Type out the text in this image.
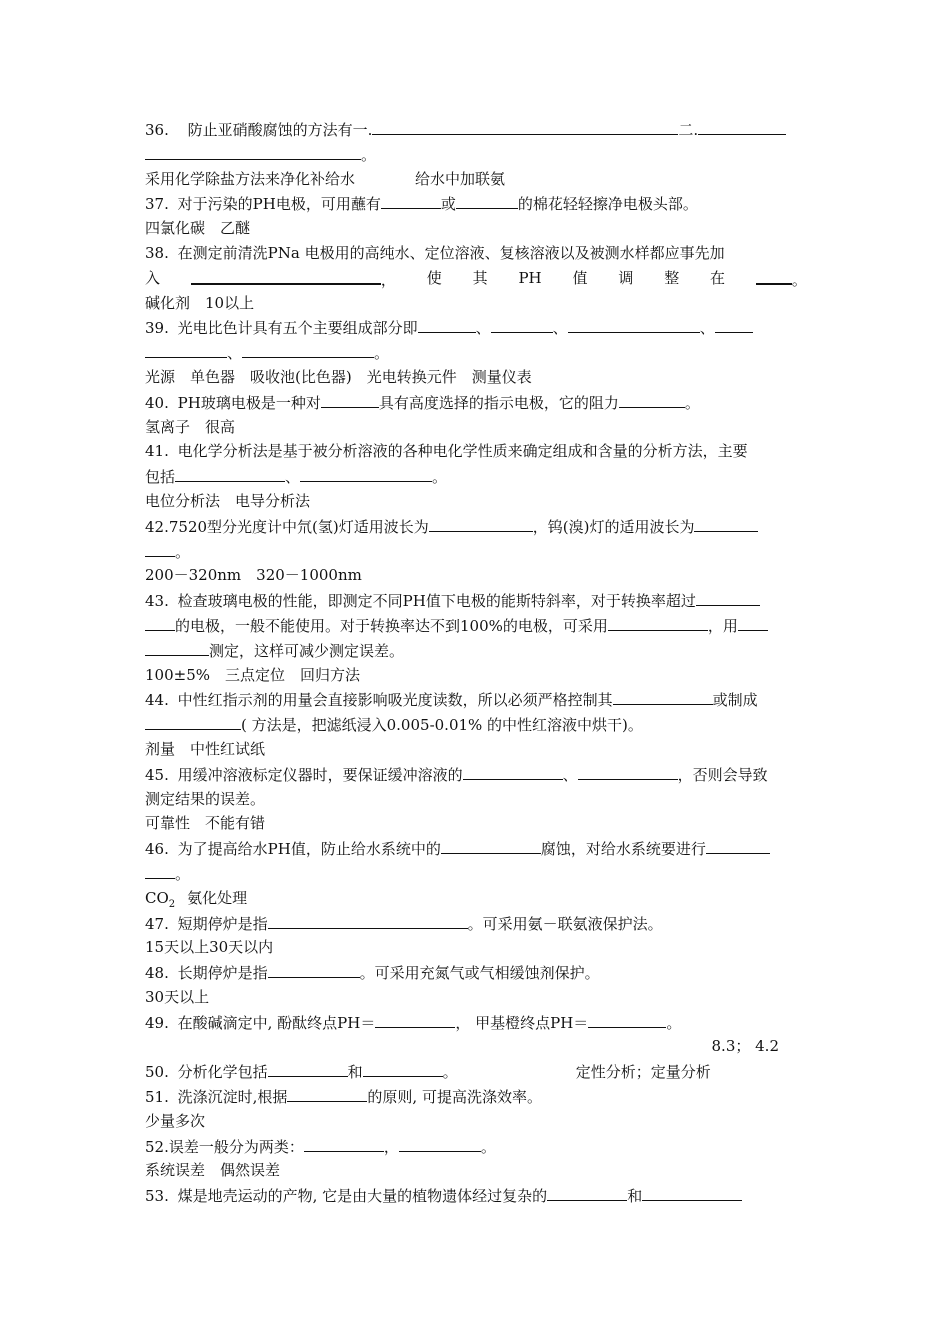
36. 防止亚硝酸腐蚀的方法有一.	二.
。
采用化学除盐方法来净化补给水	给水中加联氨
37. 对于污染的PH电极，可用蘸有	或	的棉花轻轻擦净电极头部。
四氯化碳　乙醚
38. 在测定前清洗PNa 电极用的高纯水、定位溶液、复核溶液以及被测水样都应事先加
入	， 使 其 PH 值 调 整 在	。
碱化剂　10以上
39. 光电比色计具有五个主要组成部分即	、	、	、
、	。
光源　单色器　吸收池(比色器)　光电转换元件　测量仪表
40. PH玻璃电极是一种对	具有高度选择的指示电极，它的阻力	。
氢离子　很高
41. 电化学分析法是基于被分析溶液的各种电化学性质来确定组成和含量的分析方法，主要
包括	、	。
电位分析法　电导分析法
42.7520型分光度计中氘(氢)灯适用波长为	，钨(溴)灯的适用波长为
。
200－320nm　320－1000nm
43. 检查玻璃电极的性能，即测定不同PH值下电极的能斯特斜率，对于转换率超过
的电极，一般不能使用。对于转换率达不到100%的电极，可采用	，用
测定，这样可减少测定误差。
100±5%　三点定位　回归方法
44. 中性红指示剂的用量会直接影响吸光度读数，所以必须严格控制其	或制成
( 方法是，把滤纸浸入0.005-0.01% 的中性红溶液中烘干)。
剂量　中性红试纸
45. 用缓冲溶液标定仪器时，要保证缓冲溶液的	、	，否则会导致
测定结果的误差。
可靠性　不能有错
46. 为了提高给水PH值，防止给水系统中的	腐蚀，对给水系统要进行
。
$CO_2$ 氨化处理
47. 短期停炉是指	。可采用氨－联氨液保护法。
15天以上30天以内
48. 长期停炉是指	。可采用充氮气或气相缓蚀剂保护。
30天以上
49. 在酸碱滴定中, 酚酞终点PH＝	， 甲基橙终点PH＝	。
8.3； 4.2
50. 分析化学包括	和	。	定性分析；定量分析
51. 洗涤沉淀时,根据	的原则, 可提高洗涤效率。
少量多次
52.误差一般分为两类：	，	。
系统误差　偶然误差
53. 煤是地壳运动的产物, 它是由大量的植物遗体经过复杂的	和
